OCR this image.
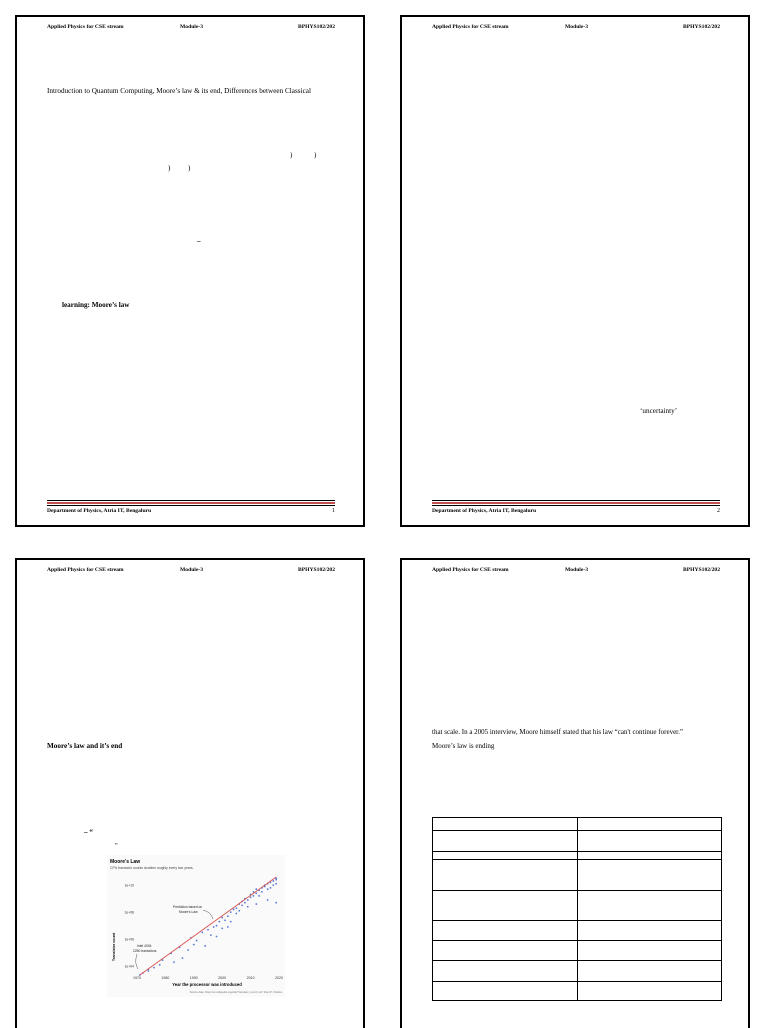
Applied Physics for CSE stream	Module-3	BPHYS102/202
Introduction to Quantum Computing, Moore’s law & its end, Differences between Classical
)	)
) )
–
learning: Moore’s law
Department of Physics, Atria IT, Bengaluru	1
Applied Physics for CSE stream	Module-3	BPHYS102/202
‘uncertainty’
Department of Physics, Atria IT, Bengaluru	2
Applied Physics for CSE stream	Module-3	BPHYS102/202
Moore’s law and it’s end
– “
”
Moore's Law
CPU transistor counts doubles roughly every two years.
Transistor count
Year the processor was introduced
Source data: https://en.wikipedia.org/wiki/Transistor_count | H/t: Shan P. Charles
1970	1980	1990	2000	2010	2020
1e+04
1e+06
1e+08
1e+10
Prediction based on
Moore's Law
Intel 4004
2250 transistors
Applied Physics for CSE stream	Module-3	BPHYS102/202
that scale. In a 2005 interview, Moore himself stated that his law “can't continue forever.”
Moore’s law is ending
